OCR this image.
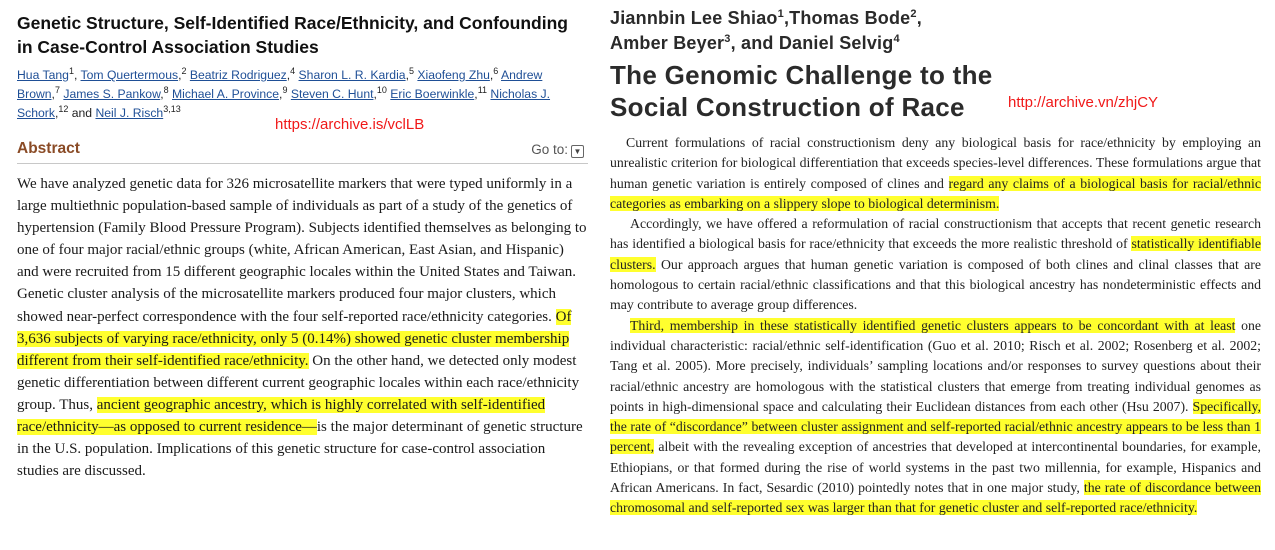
Genetic Structure, Self-Identified Race/Ethnicity, and Confounding in Case-Control Association Studies

Hua Tang$^1$, Tom Quertermous,$^2$ Beatriz Rodriguez,$^4$ Sharon L. R. Kardia,$^5$ Xiaofeng Zhu,$^6$ Andrew Brown,$^7$ James S. Pankow,$^8$ Michael A. Province,$^9$ Steven C. Hunt,$^{10}$ Eric Boerwinkle,$^{11}$ Nicholas J. Schork,$^{12}$ and Neil J. Risch$^{3,13}$

https://archive.is/vclLB
Abstract	Go to: ▼

We have analyzed genetic data for 326 microsatellite markers that were typed uniformly in a large multiethnic population-based sample of individuals as part of a study of the genetics of hypertension (Family Blood Pressure Program). Subjects identified themselves as belonging to one of four major racial/ethnic groups (white, African American, East Asian, and Hispanic) and were recruited from 15 different geographic locales within the United States and Taiwan. Genetic cluster analysis of the microsatellite markers produced four major clusters, which showed near-perfect correspondence with the four self-reported race/ethnicity categories. Of 3,636 subjects of varying race/ethnicity, only 5 (0.14%) showed genetic cluster membership different from their self-identified race/ethnicity. On the other hand, we detected only modest genetic differentiation between different current geographic locales within each race/ethnicity group. Thus, ancient geographic ancestry, which is highly correlated with self-identified race/ethnicity—as opposed to current residence—is the major determinant of genetic structure in the U.S. population. Implications of this genetic structure for case-control association studies are discussed.

Jiannbin Lee Shiao$^1$,Thomas Bode$^2$,
Amber Beyer$^3$, and Daniel Selvig$^4$

The Genomic Challenge to the
Social Construction of Race	http://archive.vn/zhjCY

Current formulations of racial constructionism deny any biological basis for race/ethnicity by employing an unrealistic criterion for biological differentiation that exceeds species-level differences. These formulations argue that human genetic variation is entirely composed of clines and regard any claims of a biological basis for racial/ethnic categories as embarking on a slippery slope to biological determinism.

Accordingly, we have offered a reformulation of racial constructionism that accepts that recent genetic research has identified a biological basis for race/ethnicity that exceeds the more realistic threshold of statistically identifiable clusters. Our approach argues that human genetic variation is composed of both clines and clinal classes that are homologous to certain racial/ethnic classifications and that this biological ancestry has nondeterministic effects and may contribute to average group differences.

Third, membership in these statistically identified genetic clusters appears to be concordant with at least one individual characteristic: racial/ethnic self-identification (Guo et al. 2010; Risch et al. 2002; Rosenberg et al. 2002; Tang et al. 2005). More precisely, individuals’ sampling locations and/or responses to survey questions about their racial/ethnic ancestry are homologous with the statistical clusters that emerge from treating individual genomes as points in high-dimensional space and calculating their Euclidean distances from each other (Hsu 2007). Specifically, the rate of “discordance” between cluster assignment and self-reported racial/ethnic ancestry appears to be less than 1 percent, albeit with the revealing exception of ancestries that developed at intercontinental boundaries, for example, Ethiopians, or that formed during the rise of world systems in the past two millennia, for example, Hispanics and African Americans. In fact, Sesardic (2010) pointedly notes that in one major study, the rate of discordance between chromosomal and self-reported sex was larger than that for genetic cluster and self-reported race/ethnicity.
